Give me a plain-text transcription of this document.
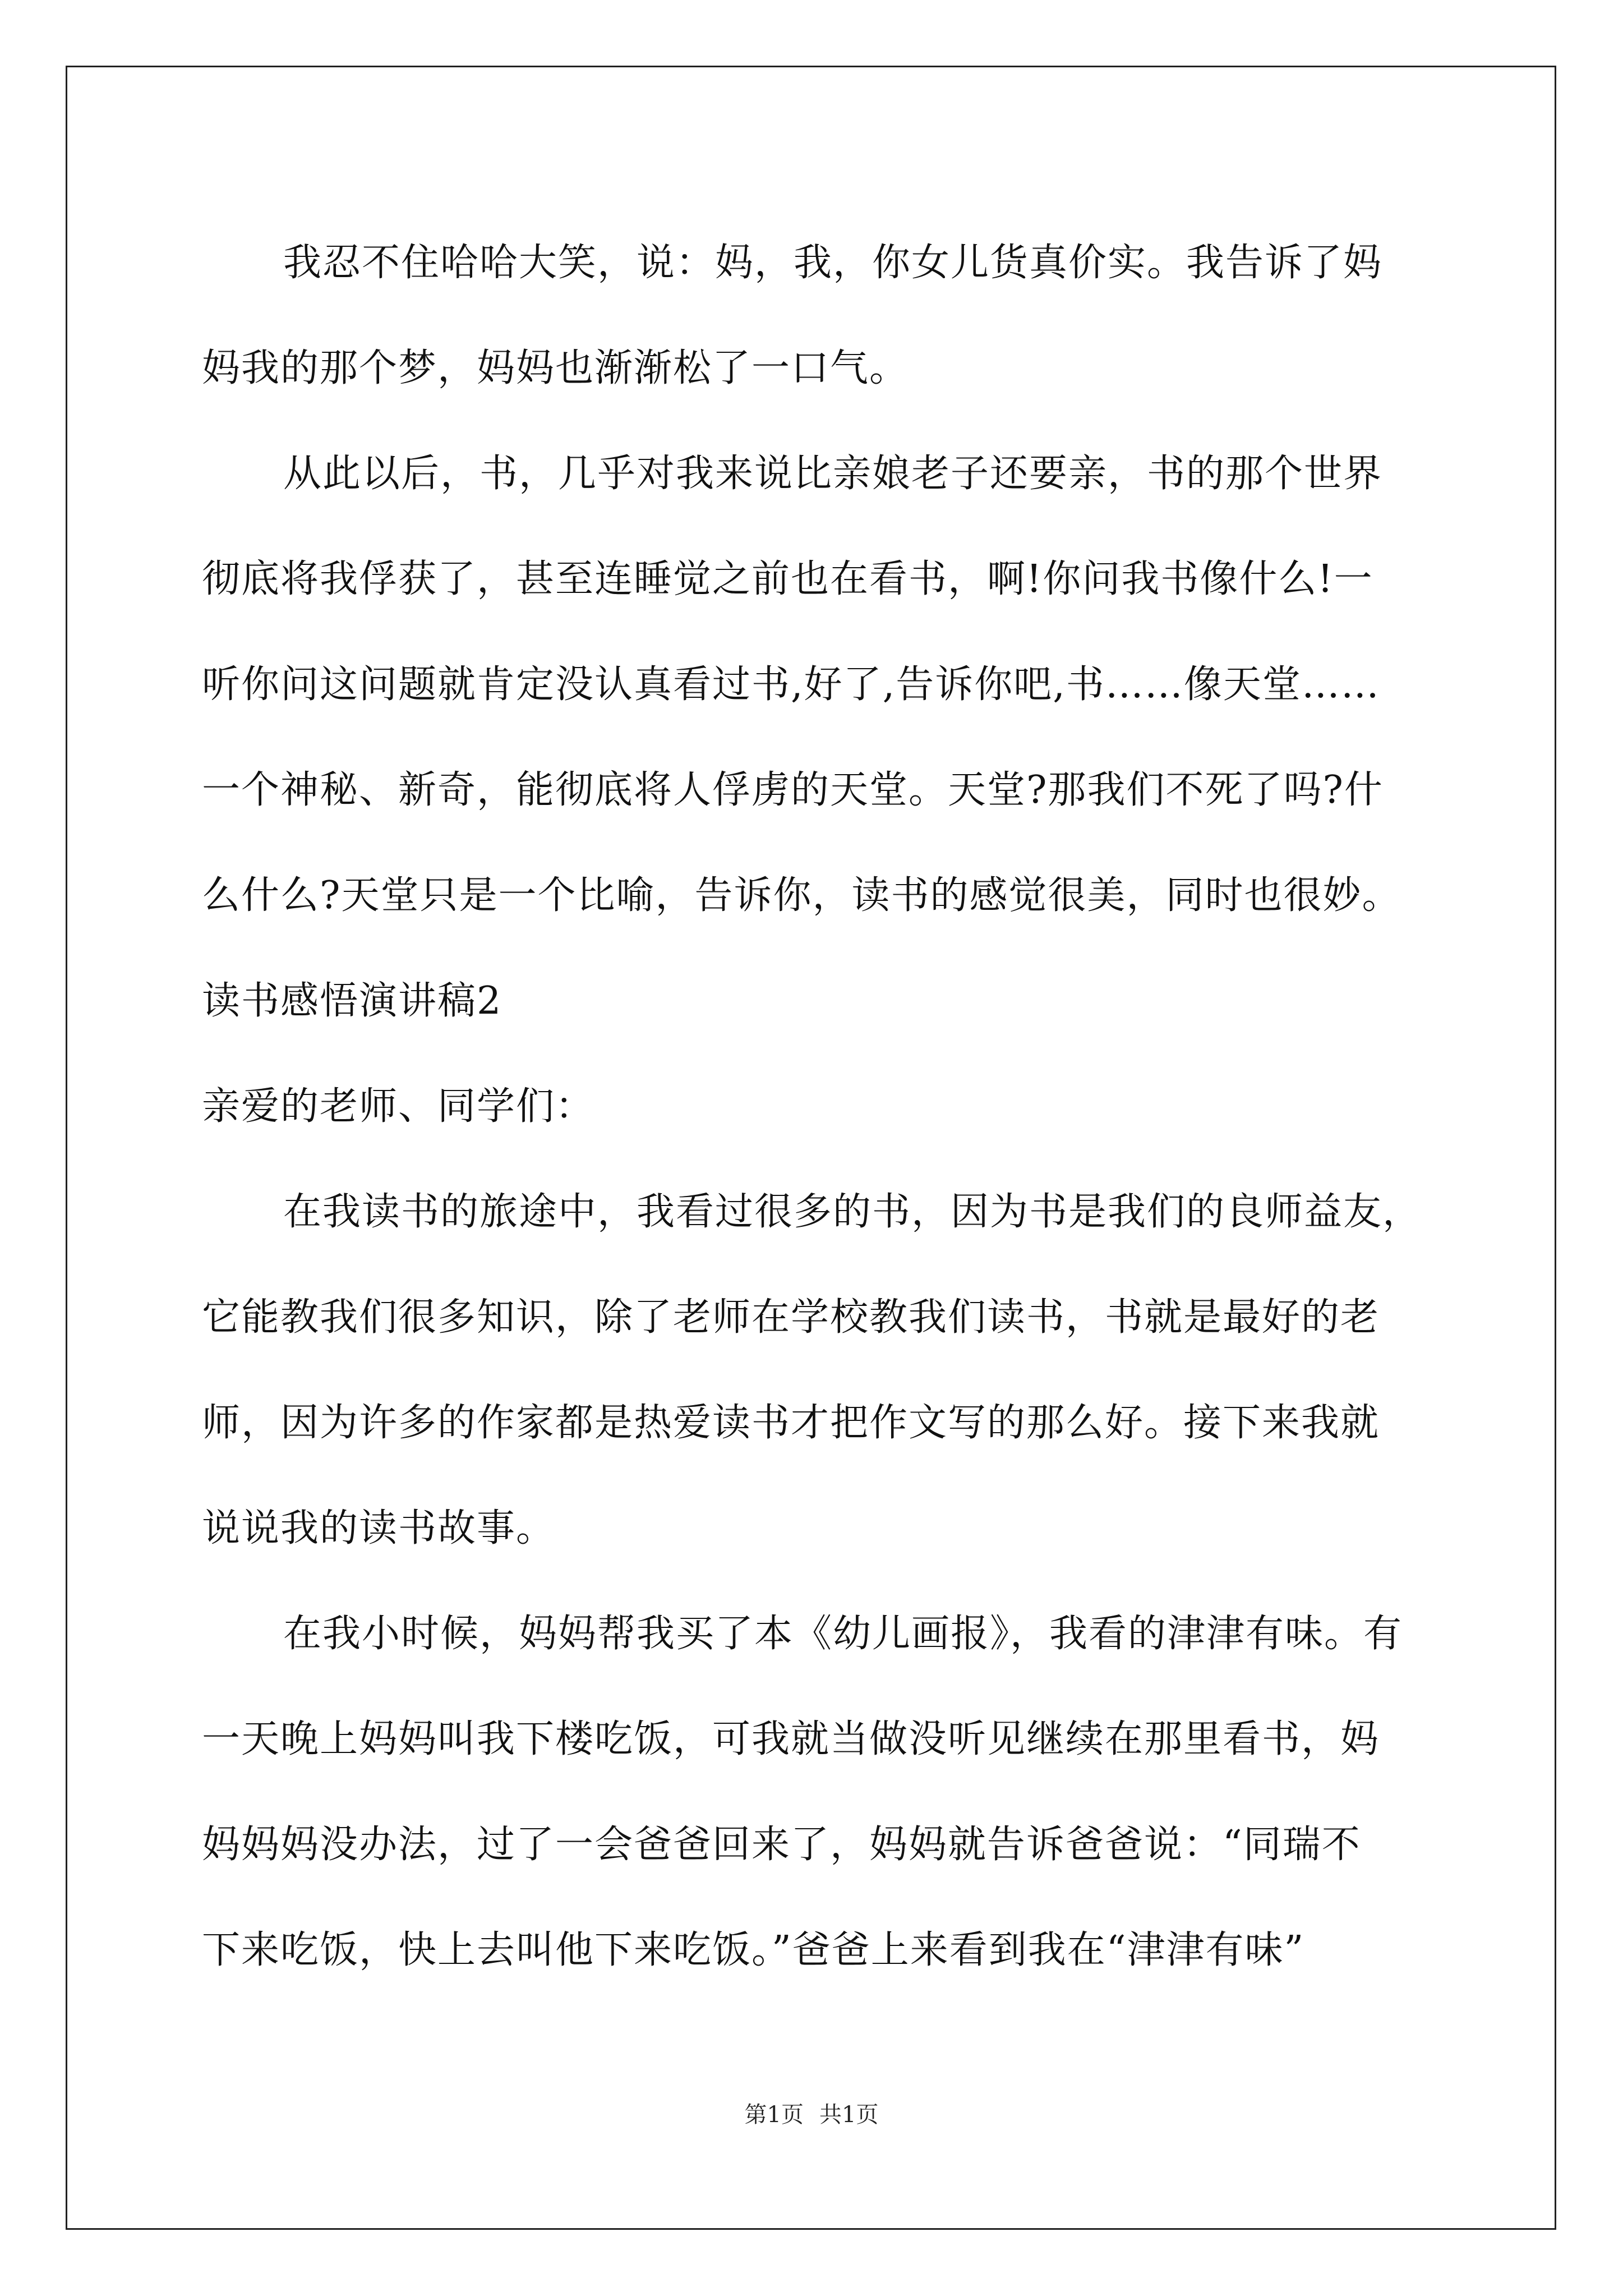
我忍不住哈哈大笑，说：妈，我，你女儿货真价实。我告诉了妈
妈我的那个梦，妈妈也渐渐松了一口气。
从此以后，书，几乎对我来说比亲娘老子还要亲，书的那个世界
彻底将我俘获了，甚至连睡觉之前也在看书，啊!你问我书像什么!一
听你问这问题就肯定没认真看过书,好了,告诉你吧,书……像天堂……
一个神秘、新奇，能彻底将人俘虏的天堂。天堂?那我们不死了吗?什
么什么?天堂只是一个比喻，告诉你，读书的感觉很美，同时也很妙。
读书感悟演讲稿2
亲爱的老师、同学们：
在我读书的旅途中，我看过很多的书，因为书是我们的良师益友，
它能教我们很多知识，除了老师在学校教我们读书，书就是最好的老
师，因为许多的作家都是热爱读书才把作文写的那么好。接下来我就
说说我的读书故事。
在我小时候，妈妈帮我买了本《幼儿画报》，我看的津津有味。有
一天晚上妈妈叫我下楼吃饭，可我就当做没听见继续在那里看书，妈
妈妈妈没办法，过了一会爸爸回来了，妈妈就告诉爸爸说：“同瑞不
下来吃饭，快上去叫他下来吃饭。”爸爸上来看到我在“津津有味”
第1页 共1页
